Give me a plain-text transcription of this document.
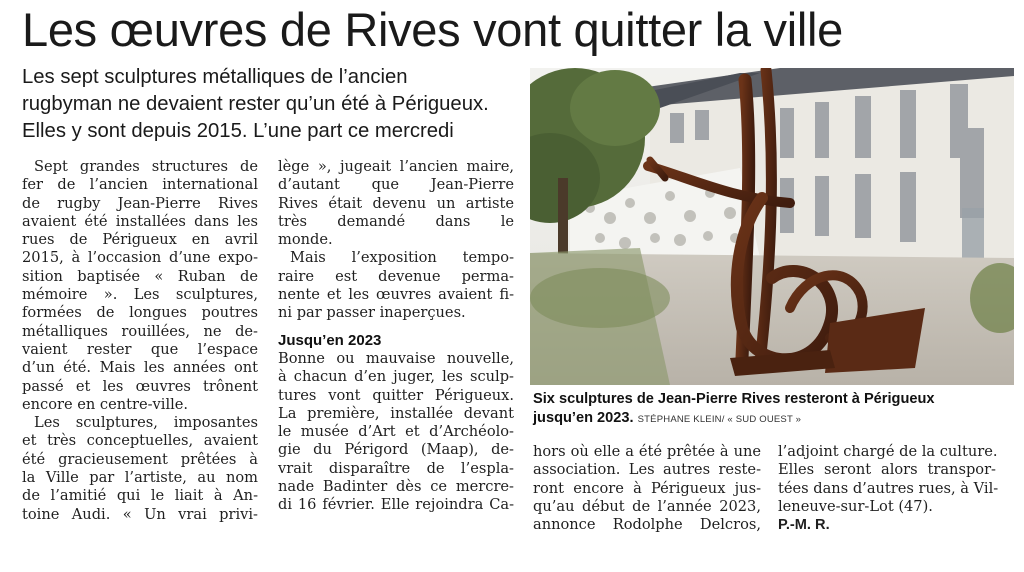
Les œuvres de Rives vont quitter la ville
Les sept sculptures métalliques de l’ancien
rugbyman ne devaient rester qu’un été à Périgueux.
Elles y sont depuis 2015. L’une part ce mercredi
Sept grandes structures de
fer de l’ancien international
de rugby Jean-Pierre Rives
avaient été installées dans les
rues de Périgueux en avril
2015, à l’occasion d’une expo-
sition baptisée « Ruban de
mémoire ». Les sculptures,
formées de longues poutres
métalliques rouillées, ne de-
vaient rester que l’espace
d’un été. Mais les années ont
passé et les œuvres trônent
encore en centre-ville.
Les sculptures, imposantes
et très conceptuelles, avaient
été gracieusement prêtées à
la Ville par l’artiste, au nom
de l’amitié qui le liait à An-
toine Audi. « Un vrai privi-
lège », jugeait l’ancien maire,
d’autant que Jean-Pierre
Rives était devenu un artiste
très demandé dans le
monde.
Mais l’exposition tempo-
raire est devenue perma-
nente et les œuvres avaient fi-
ni par passer inaperçues.
Jusqu’en 2023
Bonne ou mauvaise nouvelle,
à chacun d’en juger, les sculp-
tures vont quitter Périgueux.
La première, installée devant
le musée d’Art et d’Archéolo-
gie du Périgord (Maap), de-
vrait disparaître de l’espla-
nade Badinter dès ce mercre-
di 16 février. Elle rejoindra Ca-
Six sculptures de Jean-Pierre Rives resteront à Périgueux
jusqu’en 2023. STÉPHANE KLEIN/ « SUD OUEST »
hors où elle a été prêtée à une
association. Les autres reste-
ront encore à Périgueux jus-
qu’au début de l’année 2023,
annonce Rodolphe Delcros,
l’adjoint chargé de la culture.
Elles seront alors transpor-
tées dans d’autres rues, à Vil-
leneuve-sur-Lot (47).
P.-M. R.
